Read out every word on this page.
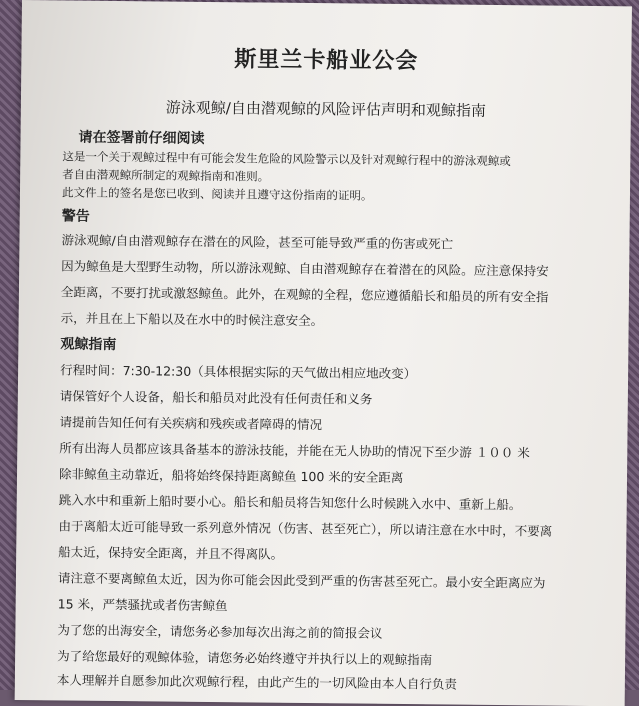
斯里兰卡船业公会
游泳观鲸/自由潜观鲸的风险评估声明和观鲸指南
请在签署前仔细阅读
这是一个关于观鲸过程中有可能会发生危险的风险警示以及针对观鲸行程中的游泳观鲸或
者自由潜观鲸所制定的观鲸指南和准则。
此文件上的签名是您已收到、阅读并且遵守这份指南的证明。
警告
游泳观鲸/自由潜观鲸存在潜在的风险，甚至可能导致严重的伤害或死亡
因为鲸鱼是大型野生动物，所以游泳观鲸、自由潜观鲸存在着潜在的风险。应注意保持安
全距离，不要打扰或激怒鲸鱼。此外，在观鲸的全程，您应遵循船长和船员的所有安全指
示，并且在上下船以及在水中的时候注意安全。
观鲸指南
行程时间：7:30-12:30（具体根据实际的天气做出相应地改变）
请保管好个人设备，船长和船员对此没有任何责任和义务
请提前告知任何有关疾病和残疾或者障碍的情况
所有出海人员都应该具备基本的游泳技能，并能在无人协助的情况下至少游 １００ 米
除非鲸鱼主动靠近，船将始终保持距离鲸鱼 100 米的安全距离
跳入水中和重新上船时要小心。船长和船员将告知您什么时候跳入水中、重新上船。
由于离船太近可能导致一系列意外情况（伤害、甚至死亡），所以请注意在水中时，不要离
船太近，保持安全距离，并且不得离队。
请注意不要离鲸鱼太近，因为你可能会因此受到严重的伤害甚至死亡。最小安全距离应为
15 米，严禁骚扰或者伤害鲸鱼
为了您的出海安全，请您务必参加每次出海之前的简报会议
为了给您最好的观鲸体验，请您务必始终遵守并执行以上的观鲸指南
本人理解并自愿参加此次观鲸行程，由此产生的一切风险由本人自行负责
